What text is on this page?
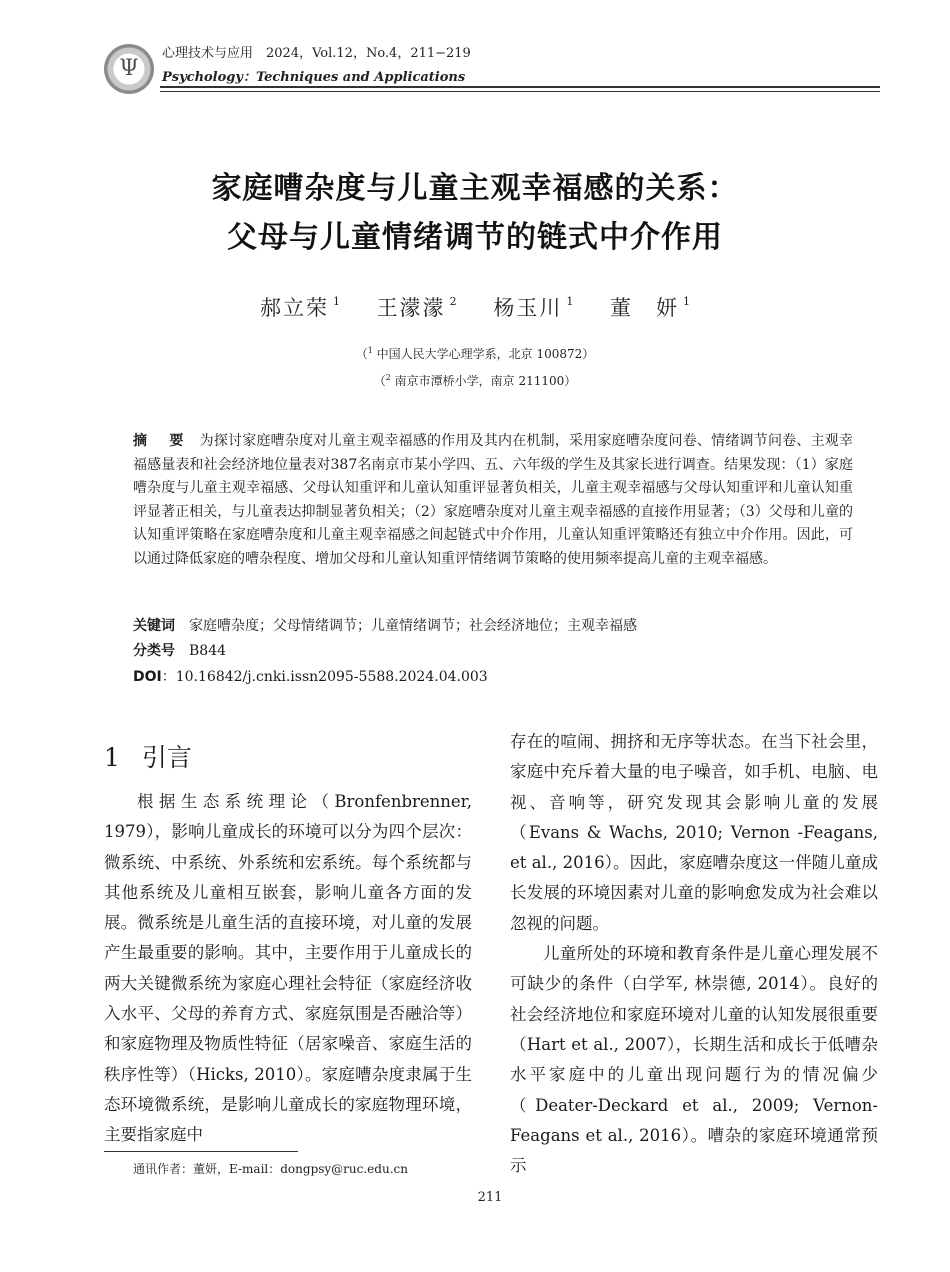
Ψ
心理技术与应用　2024，Vol.12，No.4，211−219
Psychology：Techniques and Applications
家庭嘈杂度与儿童主观幸福感的关系：
父母与儿童情绪调节的链式中介作用
郝立荣 $^1$ 王濛濛 $^2$ 杨玉川 $^1$ 董　妍 $^1$
（$^1$ 中国人民大学心理学系，北京 100872）
（$^2$ 南京市潭桥小学，南京 211100）
摘　要 为探讨家庭嘈杂度对儿童主观幸福感的作用及其内在机制，采用家庭嘈杂度问卷、情绪调节问卷、主观幸福感量表和社会经济地位量表对387名南京市某小学四、五、六年级的学生及其家长进行调查。结果发现：（1）家庭嘈杂度与儿童主观幸福感、父母认知重评和儿童认知重评显著负相关，儿童主观幸福感与父母认知重评和儿童认知重评显著正相关，与儿童表达抑制显著负相关；（2）家庭嘈杂度对儿童主观幸福感的直接作用显著；（3）父母和儿童的认知重评策略在家庭嘈杂度和儿童主观幸福感之间起链式中介作用，儿童认知重评策略还有独立中介作用。因此，可以通过降低家庭的嘈杂程度、增加父母和儿童认知重评情绪调节策略的使用频率提高儿童的主观幸福感。
关键词 家庭嘈杂度；父母情绪调节；儿童情绪调节；社会经济地位；主观幸福感
分类号 B844
DOI：10.16842/j.cnki.issn2095-5588.2024.04.003
1 引言
根据生态系统理论（Bronfenbrenner, 1979），影响儿童成长的环境可以分为四个层次：微系统、中系统、外系统和宏系统。每个系统都与其他系统及儿童相互嵌套，影响儿童各方面的发展。微系统是儿童生活的直接环境，对儿童的发展产生最重要的影响。其中，主要作用于儿童成长的两大关键微系统为家庭心理社会特征（家庭经济收入水平、父母的养育方式、家庭氛围是否融洽等）和家庭物理及物质性特征（居家噪音、家庭生活的秩序性等）（Hicks, 2010）。家庭嘈杂度隶属于生态环境微系统，是影响儿童成长的家庭物理环境，主要指家庭中

存在的喧闹、拥挤和无序等状态。在当下社会里，家庭中充斥着大量的电子噪音，如手机、电脑、电视、音响等，研究发现其会影响儿童的发展（Evans & Wachs, 2010; Vernon -Feagans, et al., 2016）。因此，家庭嘈杂度这一伴随儿童成长发展的环境因素对儿童的影响愈发成为社会难以忽视的问题。

儿童所处的环境和教育条件是儿童心理发展不可缺少的条件（白学军, 林崇德, 2014）。良好的社会经济地位和家庭环境对儿童的认知发展很重要（Hart et al., 2007），长期生活和成长于低嘈杂水平家庭中的儿童出现问题行为的情况偏少（Deater-Deckard et al., 2009; Vernon-Feagans et al., 2016）。嘈杂的家庭环境通常预示

通讯作者：董妍，E-mail：dongpsy@ruc.edu.cn
211
